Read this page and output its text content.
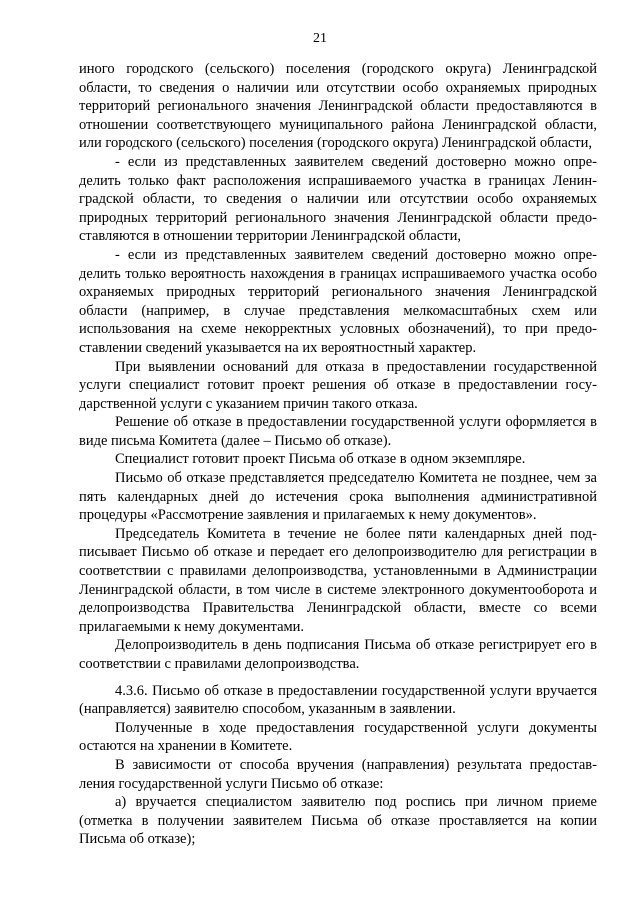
21

иного городского (сельского) поселения (городского округа) Ленинградской области, то сведения о наличии или отсутствии особо охраняемых природных территорий регионального значения Ленинградской области предоставляются в отношении соответствующего муниципального района Ленинградской области, или городского (сельского) поселения (городского округа) Ленинградской области,

- если из представленных заявителем сведений достоверно можно определить только факт расположения испрашиваемого участка в границах Ленинградской области, то сведения о наличии или отсутствии особо охраняемых природных территорий регионального значения Ленинградской области предоставляются в отношении территории Ленинградской области,

- если из представленных заявителем сведений достоверно можно определить только вероятность нахождения в границах испрашиваемого участка особо охраняемых природных территорий регионального значения Ленинградской области (например, в случае представления мелкомасштабных схем или использования на схеме некорректных условных обозначений), то при предоставлении сведений указывается на их вероятностный характер.

При выявлении оснований для отказа в предоставлении государственной услуги специалист готовит проект решения об отказе в предоставлении государственной услуги с указанием причин такого отказа.

Решение об отказе в предоставлении государственной услуги оформляется в виде письма Комитета (далее – Письмо об отказе).

Специалист готовит проект Письма об отказе в одном экземпляре.

Письмо об отказе представляется председателю Комитета не позднее, чем за пять календарных дней до истечения срока выполнения административной процедуры «Рассмотрение заявления и прилагаемых к нему документов».

Председатель Комитета в течение не более пяти календарных дней подписывает Письмо об отказе и передает его делопроизводителю для регистрации в соответствии с правилами делопроизводства, установленными в Администрации Ленинградской области, в том числе в системе электронного документооборота и делопроизводства Правительства Ленинградской области, вместе со всеми прилагаемыми к нему документами.

Делопроизводитель в день подписания Письма об отказе регистрирует его в соответствии с правилами делопроизводства.

4.3.6. Письмо об отказе в предоставлении государственной услуги вручается (направляется) заявителю способом, указанным в заявлении.

Полученные в ходе предоставления государственной услуги документы остаются на хранении в Комитете.

В зависимости от способа вручения (направления) результата предоставления государственной услуги Письмо об отказе:

а) вручается специалистом заявителю под роспись при личном приеме (отметка в получении заявителем Письма об отказе проставляется на копии Письма об отказе);
